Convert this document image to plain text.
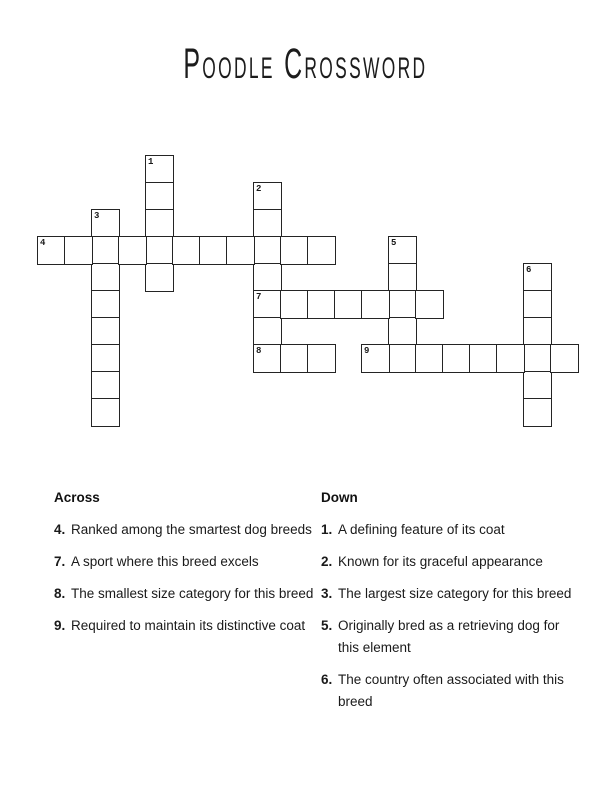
Poodle Crossword
1
2
7
8
3
4	5
6
9
Across
4. Ranked among the smartest dog breeds
7. A sport where this breed excels
8. The smallest size category for this breed
9. Required to maintain its distinctive coat
Down
1. A defining feature of its coat
2. Known for its graceful appearance
3. The largest size category for this breed
5. Originally bred as a retrieving dog for this element
6. The country often associated with this breed
